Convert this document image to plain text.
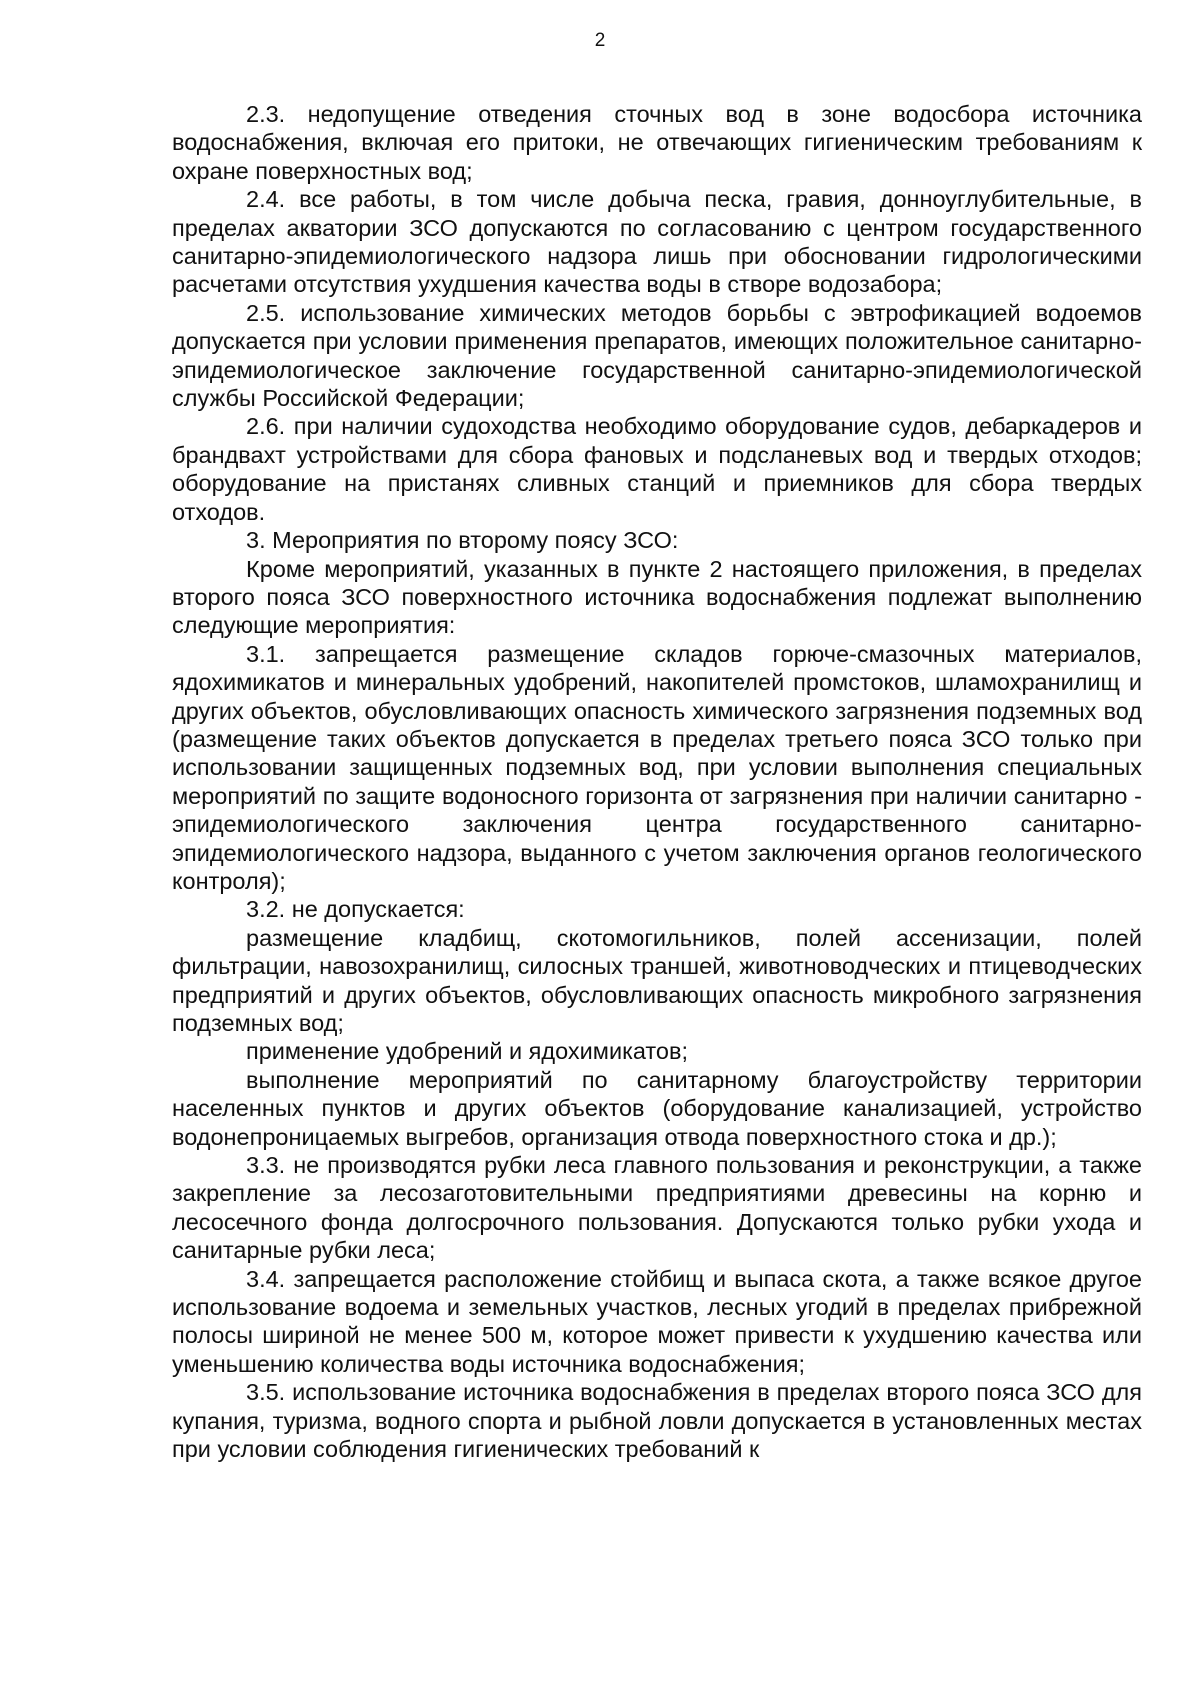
2

2.3. недопущение отведения сточных вод в зоне водосбора источника водоснабжения, включая его притоки, не отвечающих гигиеническим требованиям к охране поверхностных вод;

2.4. все работы, в том числе добыча песка, гравия, донноуглубительные, в пределах акватории ЗСО допускаются по согласованию с центром государственного санитарно-эпидемиологического надзора лишь при обосновании гидрологическими расчетами отсутствия ухудшения качества воды в створе водозабора;

2.5. использование химических методов борьбы с эвтрофикацией водоемов допускается при условии применения препаратов, имеющих положительное санитарно-эпидемиологическое заключение государственной санитарно-эпидемиологической службы Российской Федерации;

2.6. при наличии судоходства необходимо оборудование судов, дебаркадеров и брандвахт устройствами для сбора фановых и подсланевых вод и твердых отходов; оборудование на пристанях сливных станций и приемников для сбора твердых отходов.

3. Мероприятия по второму поясу ЗСО:

Кроме мероприятий, указанных в пункте 2 настоящего приложения, в пределах второго пояса ЗСО поверхностного источника водоснабжения подлежат выполнению следующие мероприятия:

3.1. запрещается размещение складов горюче-смазочных материалов, ядохимикатов и минеральных удобрений, накопителей промстоков, шламохранилищ и других объектов, обусловливающих опасность химического загрязнения подземных вод (размещение таких объектов допускается в пределах третьего пояса ЗСО только при использовании защищенных подземных вод, при условии выполнения специальных мероприятий по защите водоносного горизонта от загрязнения при наличии санитарно - эпидемиологического заключения центра государственного санитарно-эпидемиологического надзора, выданного с учетом заключения органов геологического контроля);

3.2. не допускается:

размещение кладбищ, скотомогильников, полей ассенизации, полей фильтрации, навозохранилищ, силосных траншей, животноводческих и птицеводческих предприятий и других объектов, обусловливающих опасность микробного загрязнения подземных вод;

применение удобрений и ядохимикатов;

выполнение мероприятий по санитарному благоустройству территории населенных пунктов и других объектов (оборудование канализацией, устройство водонепроницаемых выгребов, организация отвода поверхностного стока и др.);

3.3. не производятся рубки леса главного пользования и реконструкции, а также закрепление за лесозаготовительными предприятиями древесины на корню и лесосечного фонда долгосрочного пользования. Допускаются только рубки ухода и санитарные рубки леса;

3.4. запрещается расположение стойбищ и выпаса скота, а также всякое другое использование водоема и земельных участков, лесных угодий в пределах прибрежной полосы шириной не менее 500 м, которое может привести к ухудшению качества или уменьшению количества воды источника водоснабжения;

3.5. использование источника водоснабжения в пределах второго пояса ЗСО для купания, туризма, водного спорта и рыбной ловли допускается в установленных местах при условии соблюдения гигиенических требований к
